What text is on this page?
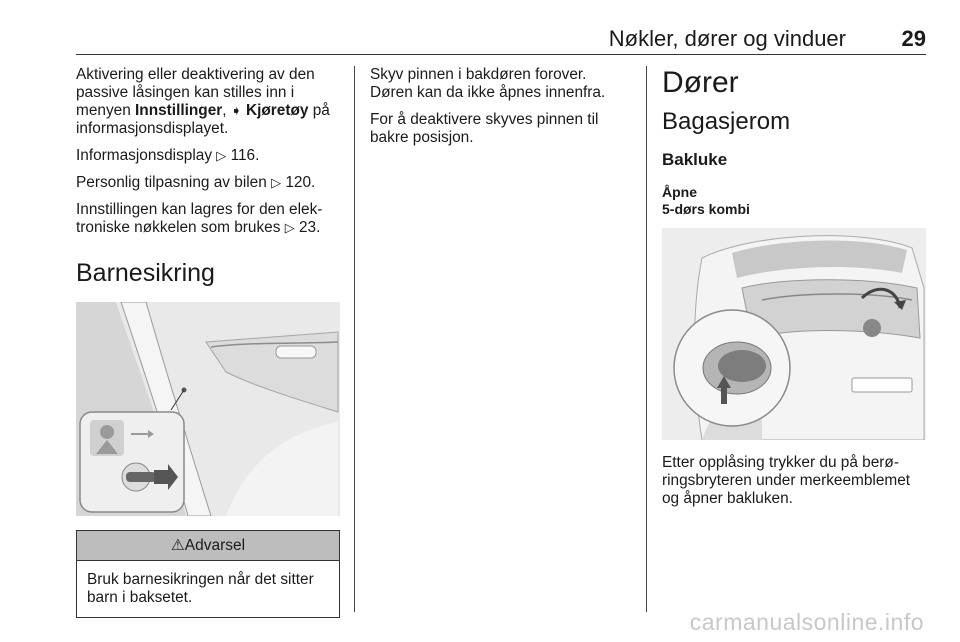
Nøkler, dører og vinduer	29

Aktivering eller deaktivering av den passive låsingen kan stilles inn i menyen Innstillinger, ➧ Kjøretøy på informasjonsdisplayet.

Informasjonsdisplay ▷ 116.

Personlig tilpasning av bilen ▷ 120.

Innstillingen kan lagres for den elektroniske nøkkelen som brukes ▷ 23.

Barnesikring
⚠Advarsel
Bruk barnesikringen når det sitter barn i baksetet.

Skyv pinnen i bakdøren forover. Døren kan da ikke åpnes innenfra.

For å deaktivere skyves pinnen til bakre posisjon.

Dører
Bagasjerom
Bakluke
Åpne
5-dørs kombi

Etter opplåsing trykker du på berøringsbryteren under merkeemblemet og åpner bakluken.

carmanualsonline.info
